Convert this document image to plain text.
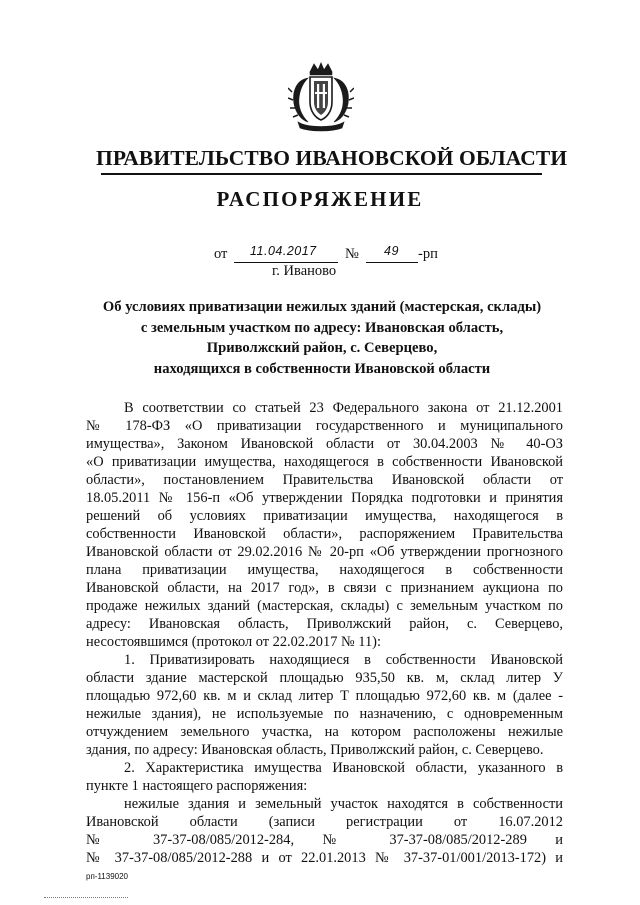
ПРАВИТЕЛЬСТВО ИВАНОВСКОЙ ОБЛАСТИ
РАСПОРЯЖЕНИЕ
от 11.04.2017 № 49 -рп
г. Иваново
Об условиях приватизации нежилых зданий (мастерская, склады)
с земельным участком по адресу: Ивановская область,
Приволжский район, с. Северцево,
находящихся в собственности Ивановской области
В соответствии со статьей 23 Федерального закона от 21.12.2001
№ 178-ФЗ «О приватизации государственного и муниципального
имущества», Законом Ивановской области от 30.04.2003 № 40-ОЗ
«О приватизации имущества, находящегося в собственности Ивановской
области», постановлением Правительства Ивановской области от
18.05.2011 № 156-п «Об утверждении Порядка подготовки и принятия
решений об условиях приватизации имущества, находящегося в
собственности Ивановской области», распоряжением Правительства
Ивановской области от 29.02.2016 № 20-рп «Об утверждении прогнозного
плана приватизации имущества, находящегося в собственности
Ивановской области, на 2017 год», в связи с признанием аукциона по
продаже нежилых зданий (мастерская, склады) с земельным участком по
адресу: Ивановская область, Приволжский район, с. Северцево,
несостоявшимся (протокол от 22.02.2017 № 11):
1. Приватизировать находящиеся в собственности Ивановской
области здание мастерской площадью 935,50 кв. м, склад литер У
площадью 972,60 кв. м и склад литер Т площадью 972,60 кв. м (далее -
нежилые здания), не используемые по назначению, с одновременным
отчуждением земельного участка, на котором расположены нежилые
здания, по адресу: Ивановская область, Приволжский район, с. Северцево.
2. Характеристика имущества Ивановской области, указанного в
пункте 1 настоящего распоряжения:
нежилые здания и земельный участок находятся в собственности
Ивановской области (записи регистрации от 16.07.2012
№ 37-37-08/085/2012-284, № 37-37-08/085/2012-289 и
№ 37-37-08/085/2012-288 и от 22.01.2013 № 37-37-01/001/2013-172) и
рп-1139020
